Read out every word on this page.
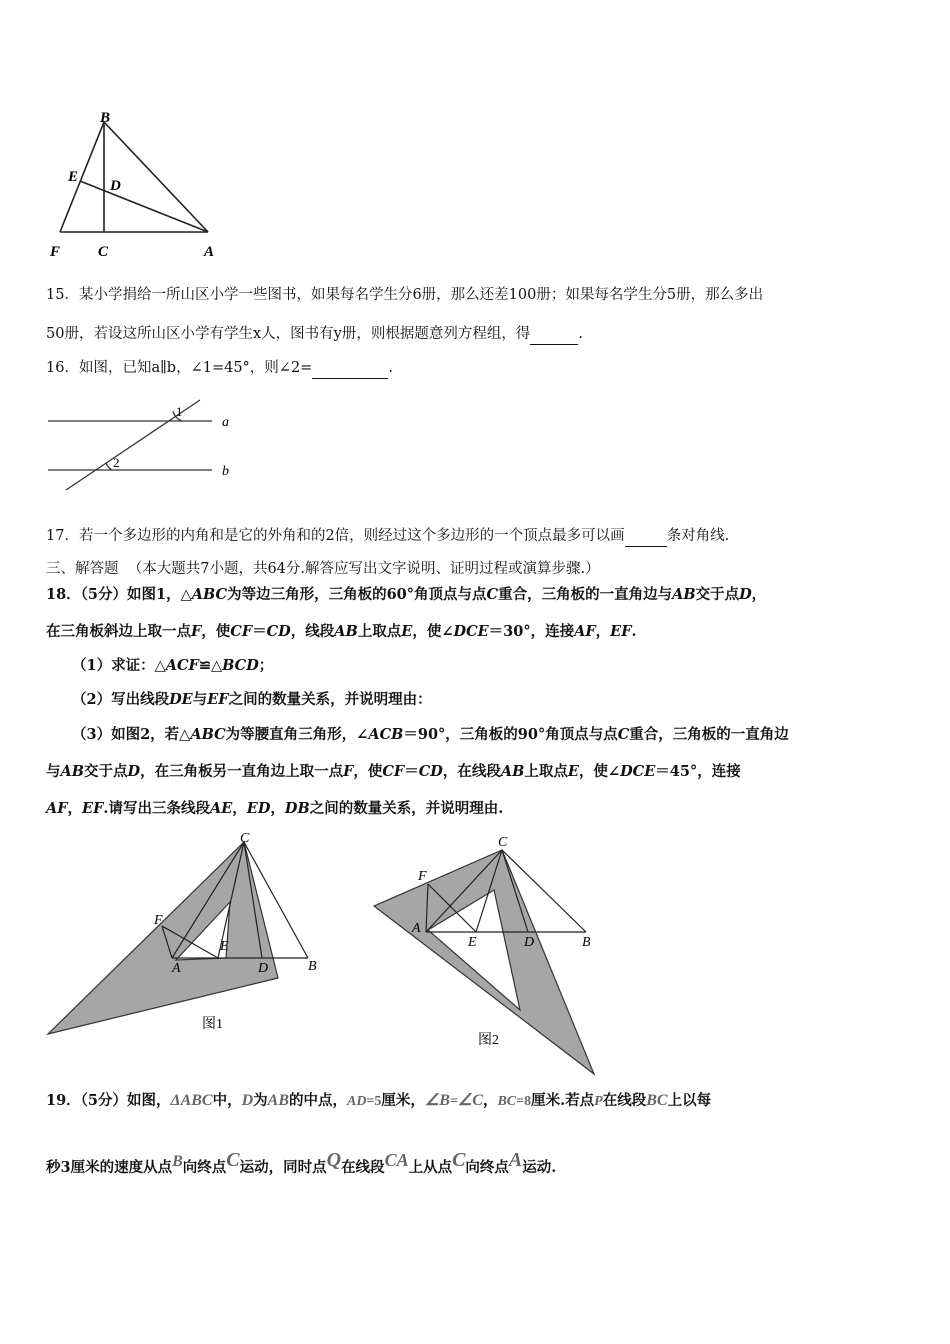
B
E
D
F	C	A
15．某小学捐给一所山区小学一些图书，如果每名学生分6册，那么还差100册；如果每名学生分5册，那么多出
50册，若设这所山区小学有学生x人，图书有y册，则根据题意列方程组，得	.
16．如图，已知a∥b，∠1=45°，则∠2=	.
1
2
a
b
17．若一个多边形的内角和是它的外角和的2倍，则经过这个多边形的一个顶点最多可以画	条对角线.
三、解答题 （本大题共7小题，共64分.解答应写出文字说明、证明过程或演算步骤.）
18．（5分）如图1，△ABC为等边三角形，三角板的60°角顶点与点C重合，三角板的一直角边与AB交于点D，
在三角板斜边上取一点F，使CF＝CD，线段AB上取点E，使∠DCE＝30°，连接AF，EF.
（1）求证：△ACF≌△BCD；
（2）写出线段DE与EF之间的数量关系，并说明理由：
（3）如图2，若△ABC为等腰直角三角形，∠ACB＝90°，三角板的90°角顶点与点C重合，三角板的一直角边
与AB交于点D，在三角板另一直角边上取一点F，使CF＝CD，在线段AB上取点E，使∠DCE＝45°，连接
AF，EF.请写出三条线段AE，ED，DB之间的数量关系，并说明理由.
C
F
E
A	D	B
图1
C
F
A
E	D	B
图2
19．（5分）如图，ΔABC中，D为AB的中点，AD=5厘米，∠B=∠C，BC=8厘米.若点P在线段BC上以每
秒3厘米的速度从点B向终点C运动，同时点Q在线段CA上从点C向终点A运动.
